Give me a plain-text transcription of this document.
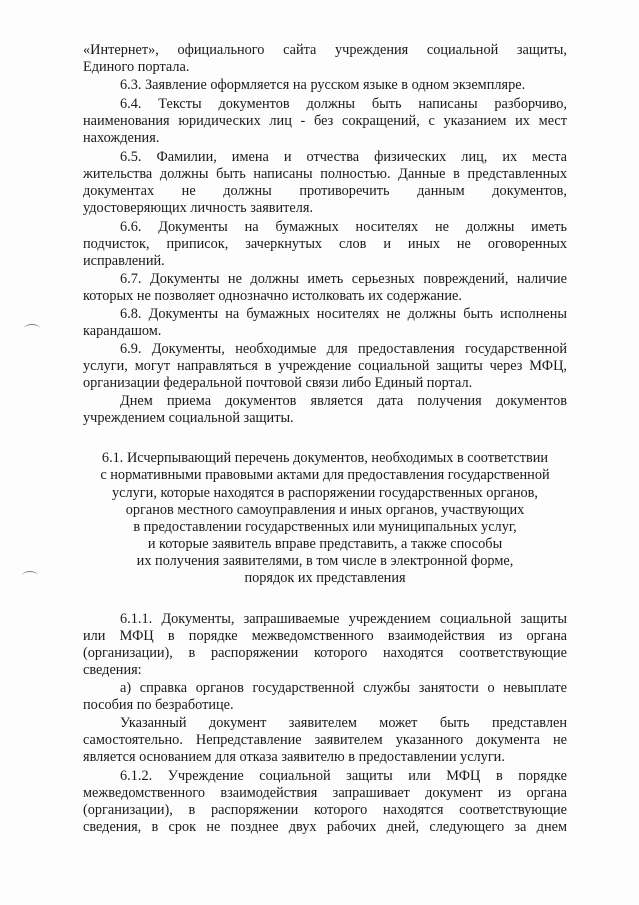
«Интернет», официального сайта учреждения социальной защиты,
Единого портала.
6.3. Заявление оформляется на русском языке в одном экземпляре.
6.4. Тексты документов должны быть написаны разборчиво,
наименования юридических лиц - без сокращений, с указанием их мест
нахождения.
6.5. Фамилии, имена и отчества физических лиц, их места
жительства должны быть написаны полностью. Данные в представленных
документах не должны противоречить данным документов,
удостоверяющих личность заявителя.
6.6. Документы на бумажных носителях не должны иметь
подчисток, приписок, зачеркнутых слов и иных не оговоренных
исправлений.
6.7. Документы не должны иметь серьезных повреждений, наличие
которых не позволяет однозначно истолковать их содержание.
6.8. Документы на бумажных носителях не должны быть исполнены
карандашом.
6.9. Документы, необходимые для предоставления государственной
услуги, могут направляться в учреждение социальной защиты через МФЦ,
организации федеральной почтовой связи либо Единый портал.
Днем приема документов является дата получения документов
учреждением социальной защиты.
6.1. Исчерпывающий перечень документов, необходимых в соответствии
с нормативными правовыми актами для предоставления государственной
услуги, которые находятся в распоряжении государственных органов,
органов местного самоуправления и иных органов, участвующих
в предоставлении государственных или муниципальных услуг,
и которые заявитель вправе представить, а также способы
их получения заявителями, в том числе в электронной форме,
порядок их представления
6.1.1. Документы, запрашиваемые учреждением социальной защиты
или МФЦ в порядке межведомственного взаимодействия из органа
(организации), в распоряжении которого находятся соответствующие
сведения:
а) справка органов государственной службы занятости о невыплате
пособия по безработице.
Указанный документ заявителем может быть представлен
самостоятельно. Непредставление заявителем указанного документа не
является основанием для отказа заявителю в предоставлении услуги.
6.1.2. Учреждение социальной защиты или МФЦ в порядке
межведомственного взаимодействия запрашивает документ из органа
(организации), в распоряжении которого находятся соответствующие
сведения, в срок не позднее двух рабочих дней, следующего за днем
